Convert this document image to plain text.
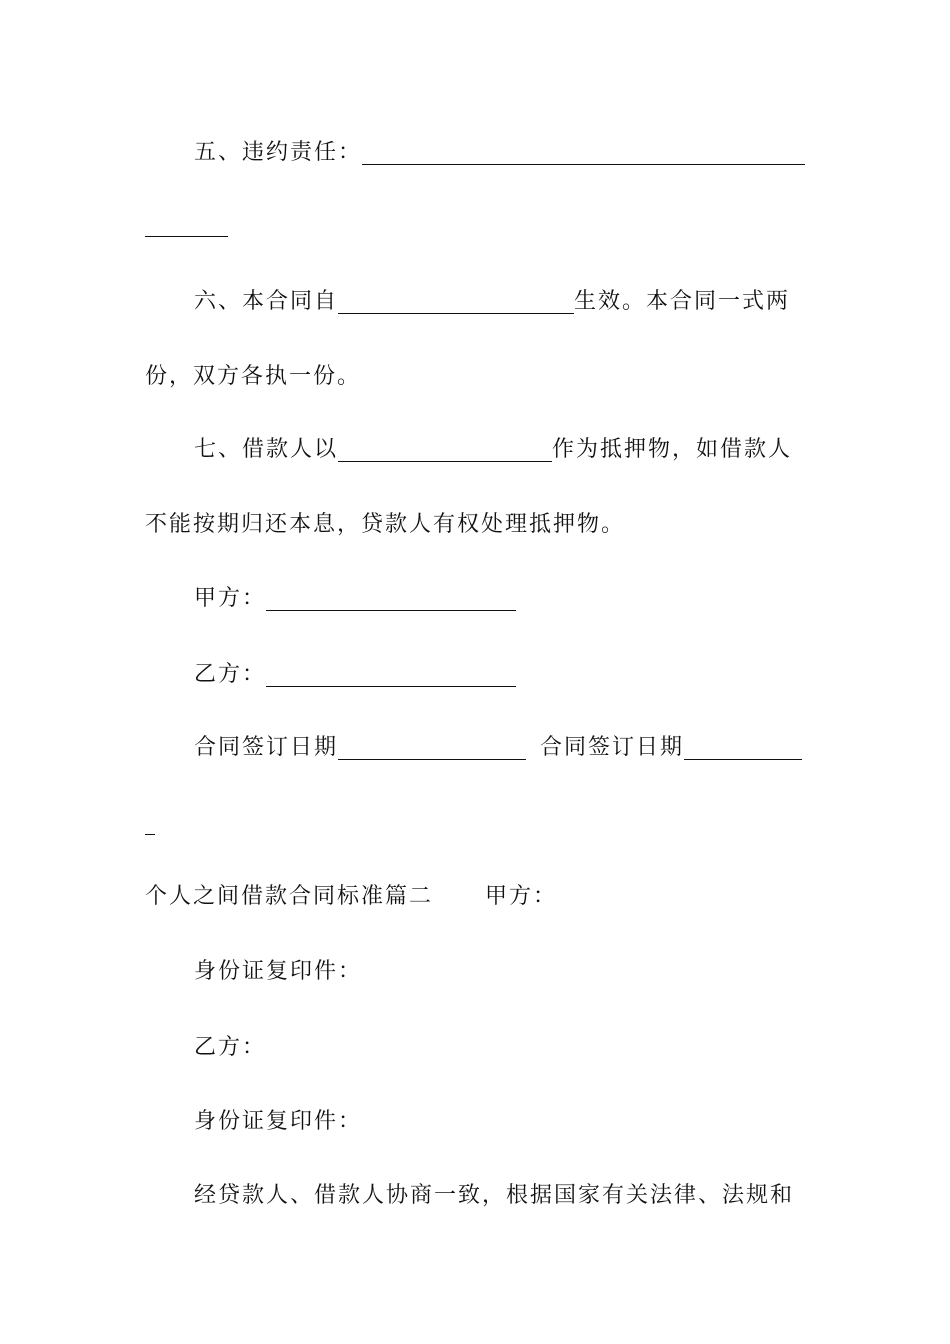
五、违约责任：
六、本合同自	生效。本合同一式两
份，双方各执一份。
七、借款人以	作为抵押物，如借款人
不能按期归还本息，贷款人有权处理抵押物。
甲方：
乙方：
合同签订日期	合同签订日期
个人之间借款合同标准篇二 甲方：
身份证复印件：
乙方：
身份证复印件：
经贷款人、借款人协商一致，根据国家有关法律、法规和
